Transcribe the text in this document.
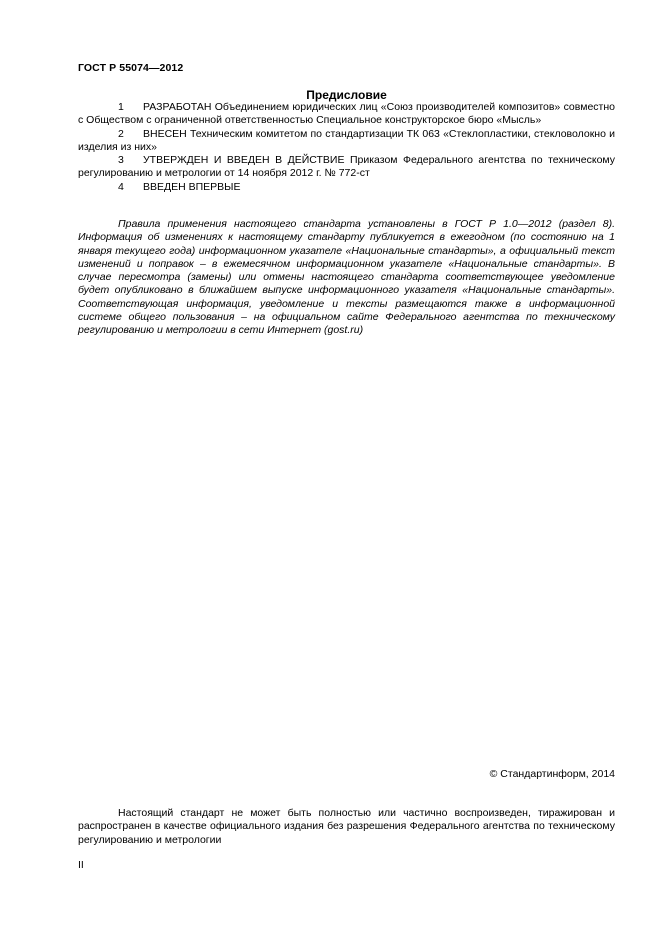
ГОСТ Р 55074—2012
Предисловие

1 РАЗРАБОТАН Объединением юридических лиц «Союз производителей композитов» совместно с Обществом с ограниченной ответственностью Специальное конструкторское бюро «Мысль»

2 ВНЕСЕН Техническим комитетом по стандартизации ТК 063 «Стеклопластики, стекловолокно и изделия из них»

3 УТВЕРЖДЕН И ВВЕДЕН В ДЕЙСТВИЕ Приказом Федерального агентства по техническому регулированию и метрологии от 14 ноября 2012 г. № 772-ст

4 ВВЕДЕН ВПЕРВЫЕ

Правила применения настоящего стандарта установлены в ГОСТ Р 1.0—2012 (раздел 8). Информация об изменениях к настоящему стандарту публикуется в ежегодном (по состоянию на 1 января текущего года) информационном указателе «Национальные стандарты», а официальный текст изменений и поправок – в ежемесячном информационном указателе «Национальные стандарты». В случае пересмотра (замены) или отмены настоящего стандарта соответствующее уведомление будет опубликовано в ближайшем выпуске информационного указателя «Национальные стандарты». Соответствующая информация, уведомление и тексты размещаются также в информационной системе общего пользования – на официальном сайте Федерального агентства по техническому регулированию и метрологии в сети Интернет (gost.ru)
© Стандартинформ, 2014
Настоящий стандарт не может быть полностью или частично воспроизведен, тиражирован и распространен в качестве официального издания без разрешения Федерального агентства по техническому регулированию и метрологии
II
